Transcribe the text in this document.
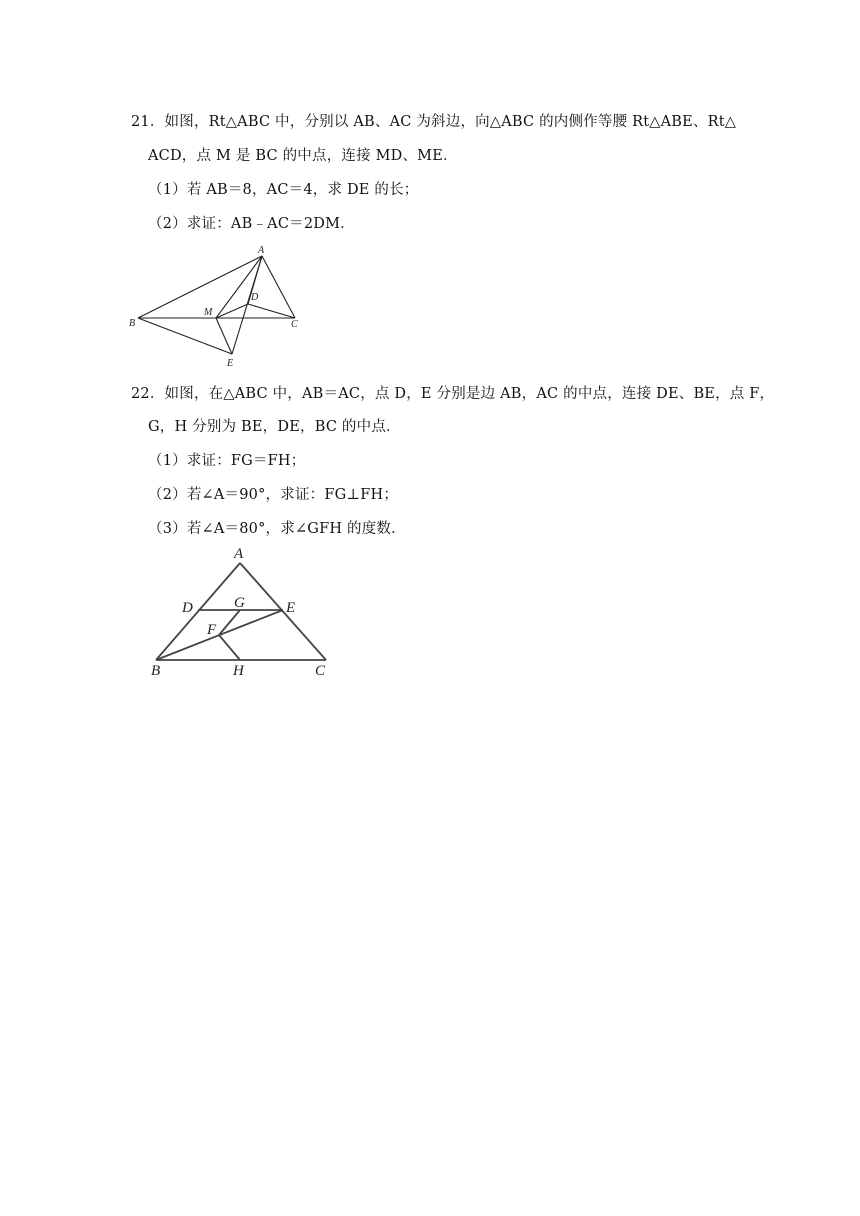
21．如图，Rt△ABC 中，分别以 AB、AC 为斜边，向△ABC 的内侧作等腰 Rt△ABE、Rt△
ACD，点 M 是 BC 的中点，连接 MD、ME．
（1）若 AB＝8，AC＝4，求 DE 的长；
（2）求证：AB﹣AC＝2DM．
A
B	C
D
E
M
22．如图，在△ABC 中，AB＝AC，点 D，E 分别是边 AB，AC 的中点，连接 DE、BE，点 F，
G，H 分别为 BE，DE，BC 的中点．
（1）求证：FG＝FH；
（2）若∠A＝90°，求证：FG⊥FH；
（3）若∠A＝80°，求∠GFH 的度数．
A
D	G	E
F
B	H	C
